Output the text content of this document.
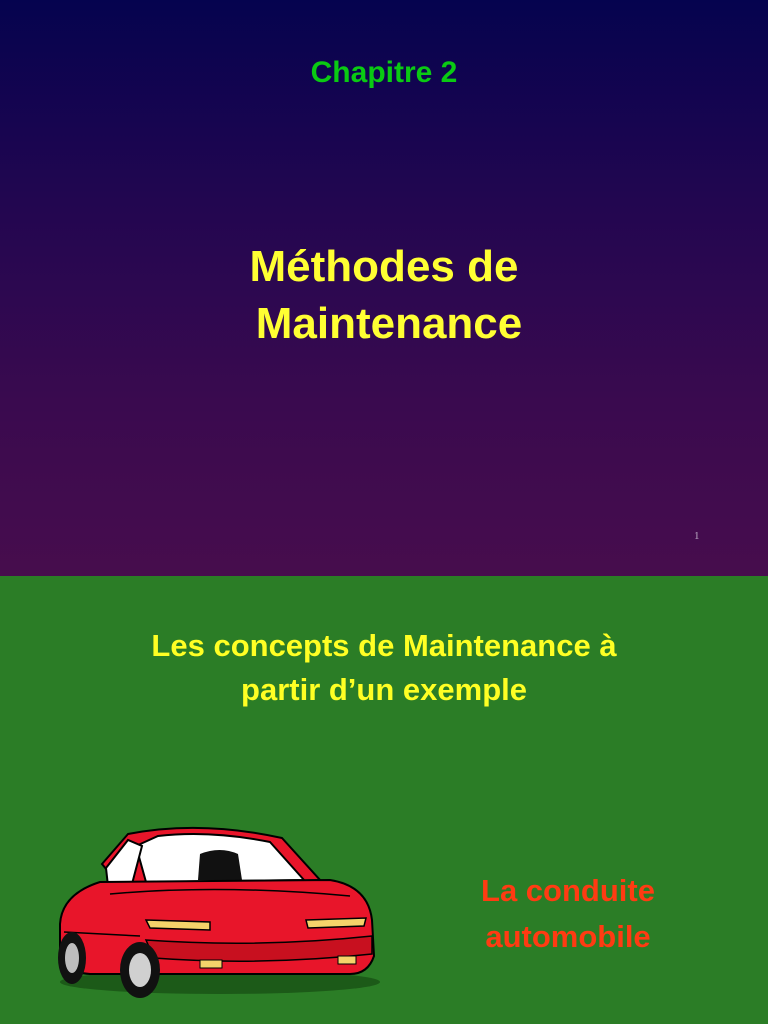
Chapitre 2
Méthodes de
Maintenance
1
Les concepts de Maintenance à
partir d’un exemple
La conduite
automobile
